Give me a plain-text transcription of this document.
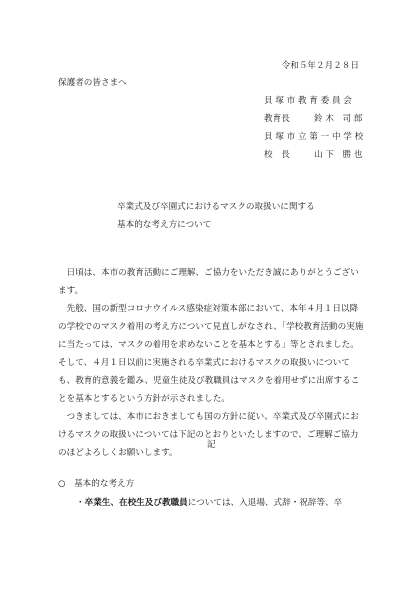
令和５年２月２８日
保護者の皆さまへ
貝 塚 市 教 育 委 員 会
教育長	鈴 木　司 郎
貝 塚 市 立 第 一 中 学 校
校　長	山 下　勝 也
卒業式及び卒園式におけるマスクの取扱いに関する
基本的な考え方について

日頃は、本市の教育活動にご理解、ご協力をいただき誠にありがとうございます。

先般、国の新型コロナウイルス感染症対策本部において、本年４月１日以降の学校でのマスク着用の考え方について見直しがなされ、「学校教育活動の実施に当たっては、マスクの着用を求めないことを基本とする」等とされました。そして、４月１日以前に実施される卒業式におけるマスクの取扱いについても、教育的意義を鑑み、児童生徒及び教職員はマスクを着用せずに出席することを基本とするという方針が示されました。

つきましては、本市におきましても国の方針に従い、卒業式及び卒園式におけるマスクの取扱いについては下記のとおりといたしますので、ご理解ご協力のほどよろしくお願いします。

記
○　基本的な考え方
・卒業生、在校生及び教職員については、入退場、式辞・祝辞等、卒
